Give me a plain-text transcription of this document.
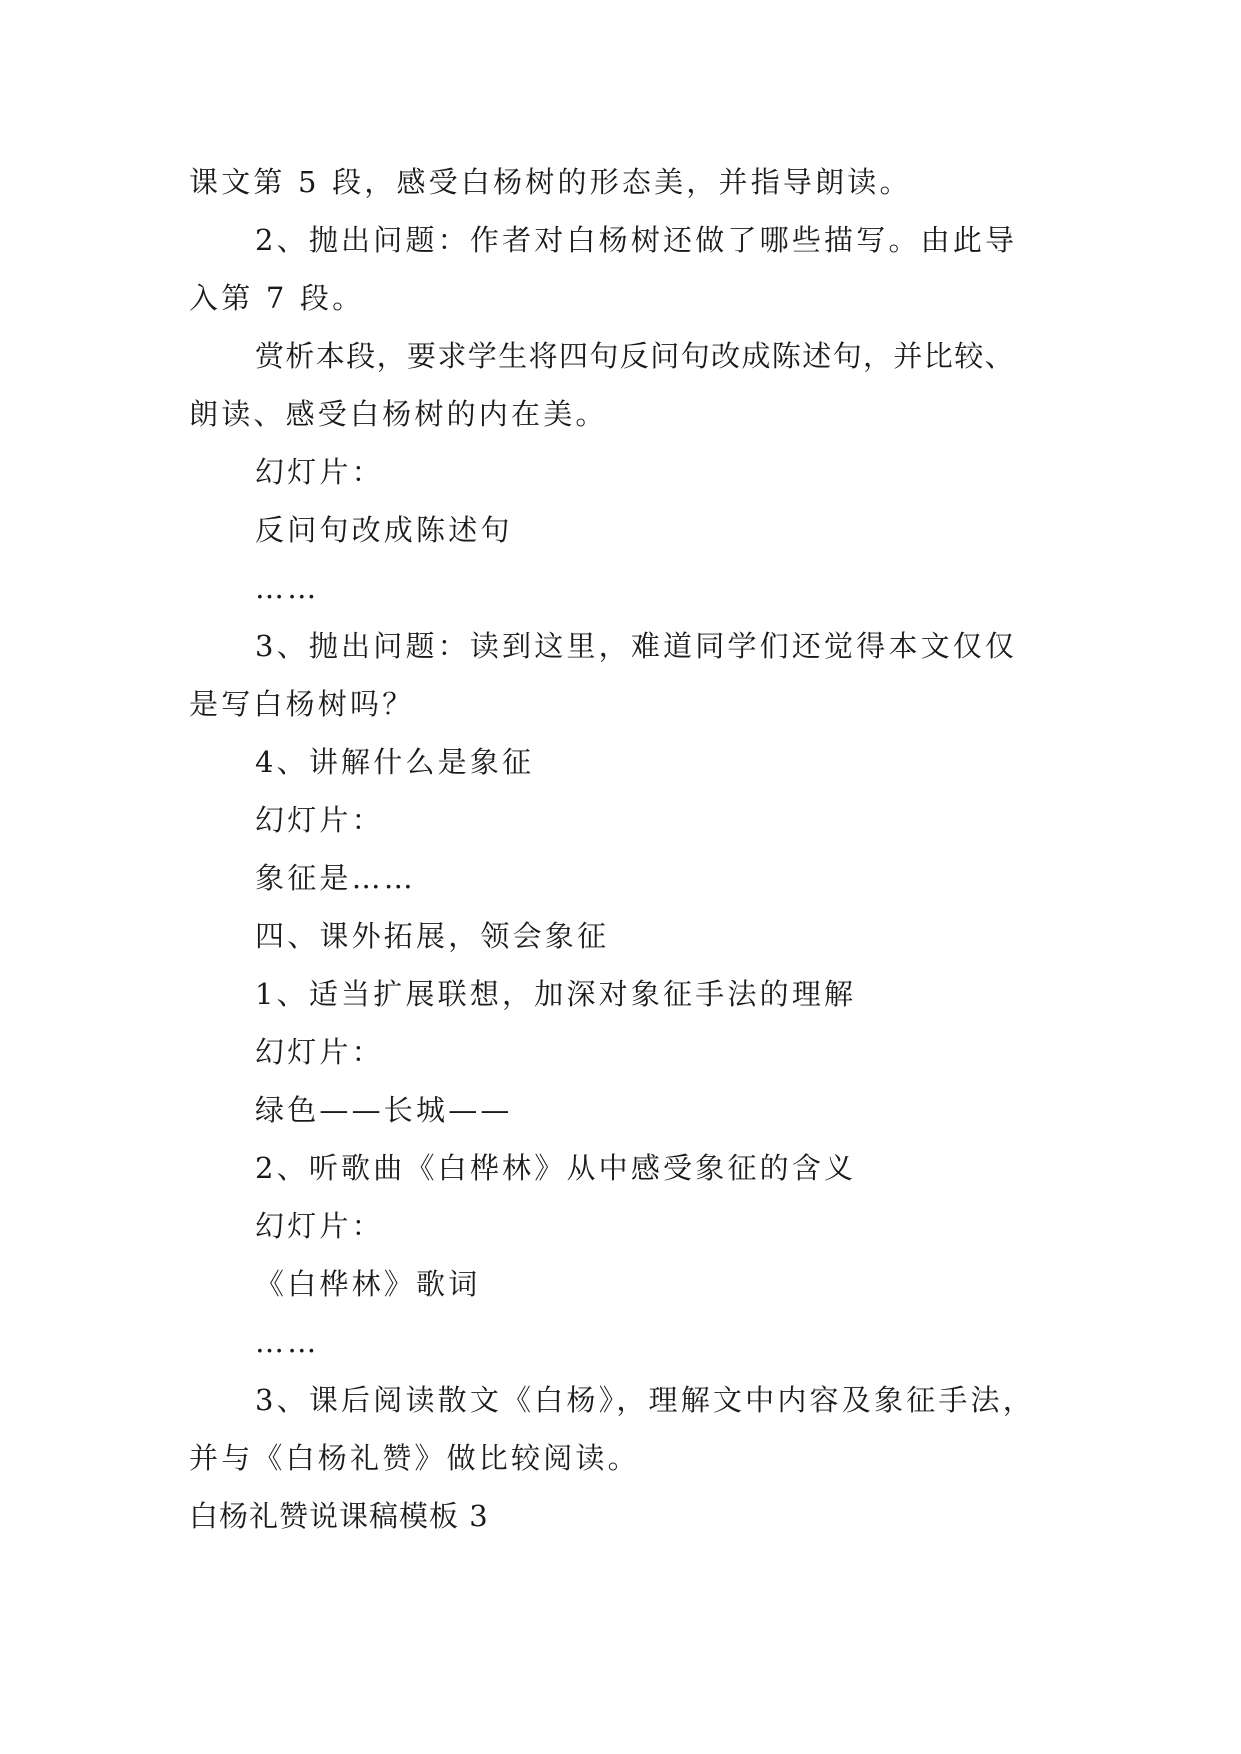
课文第 5 段，感受白杨树的形态美，并指导朗读。
2、抛出问题：作者对白杨树还做了哪些描写。由此导
入第 7 段。
赏析本段，要求学生将四句反问句改成陈述句，并比较、
朗读、感受白杨树的内在美。
幻灯片：
反问句改成陈述句
……
3、抛出问题：读到这里，难道同学们还觉得本文仅仅
是写白杨树吗？
4、讲解什么是象征
幻灯片：
象征是……
四、课外拓展，领会象征
1、适当扩展联想，加深对象征手法的理解
幻灯片：
绿色——长城——
2、听歌曲《白桦林》从中感受象征的含义
幻灯片：
《白桦林》歌词
……
3、课后阅读散文《白杨》，理解文中内容及象征手法，
并与《白杨礼赞》做比较阅读。
白杨礼赞说课稿模板 3
